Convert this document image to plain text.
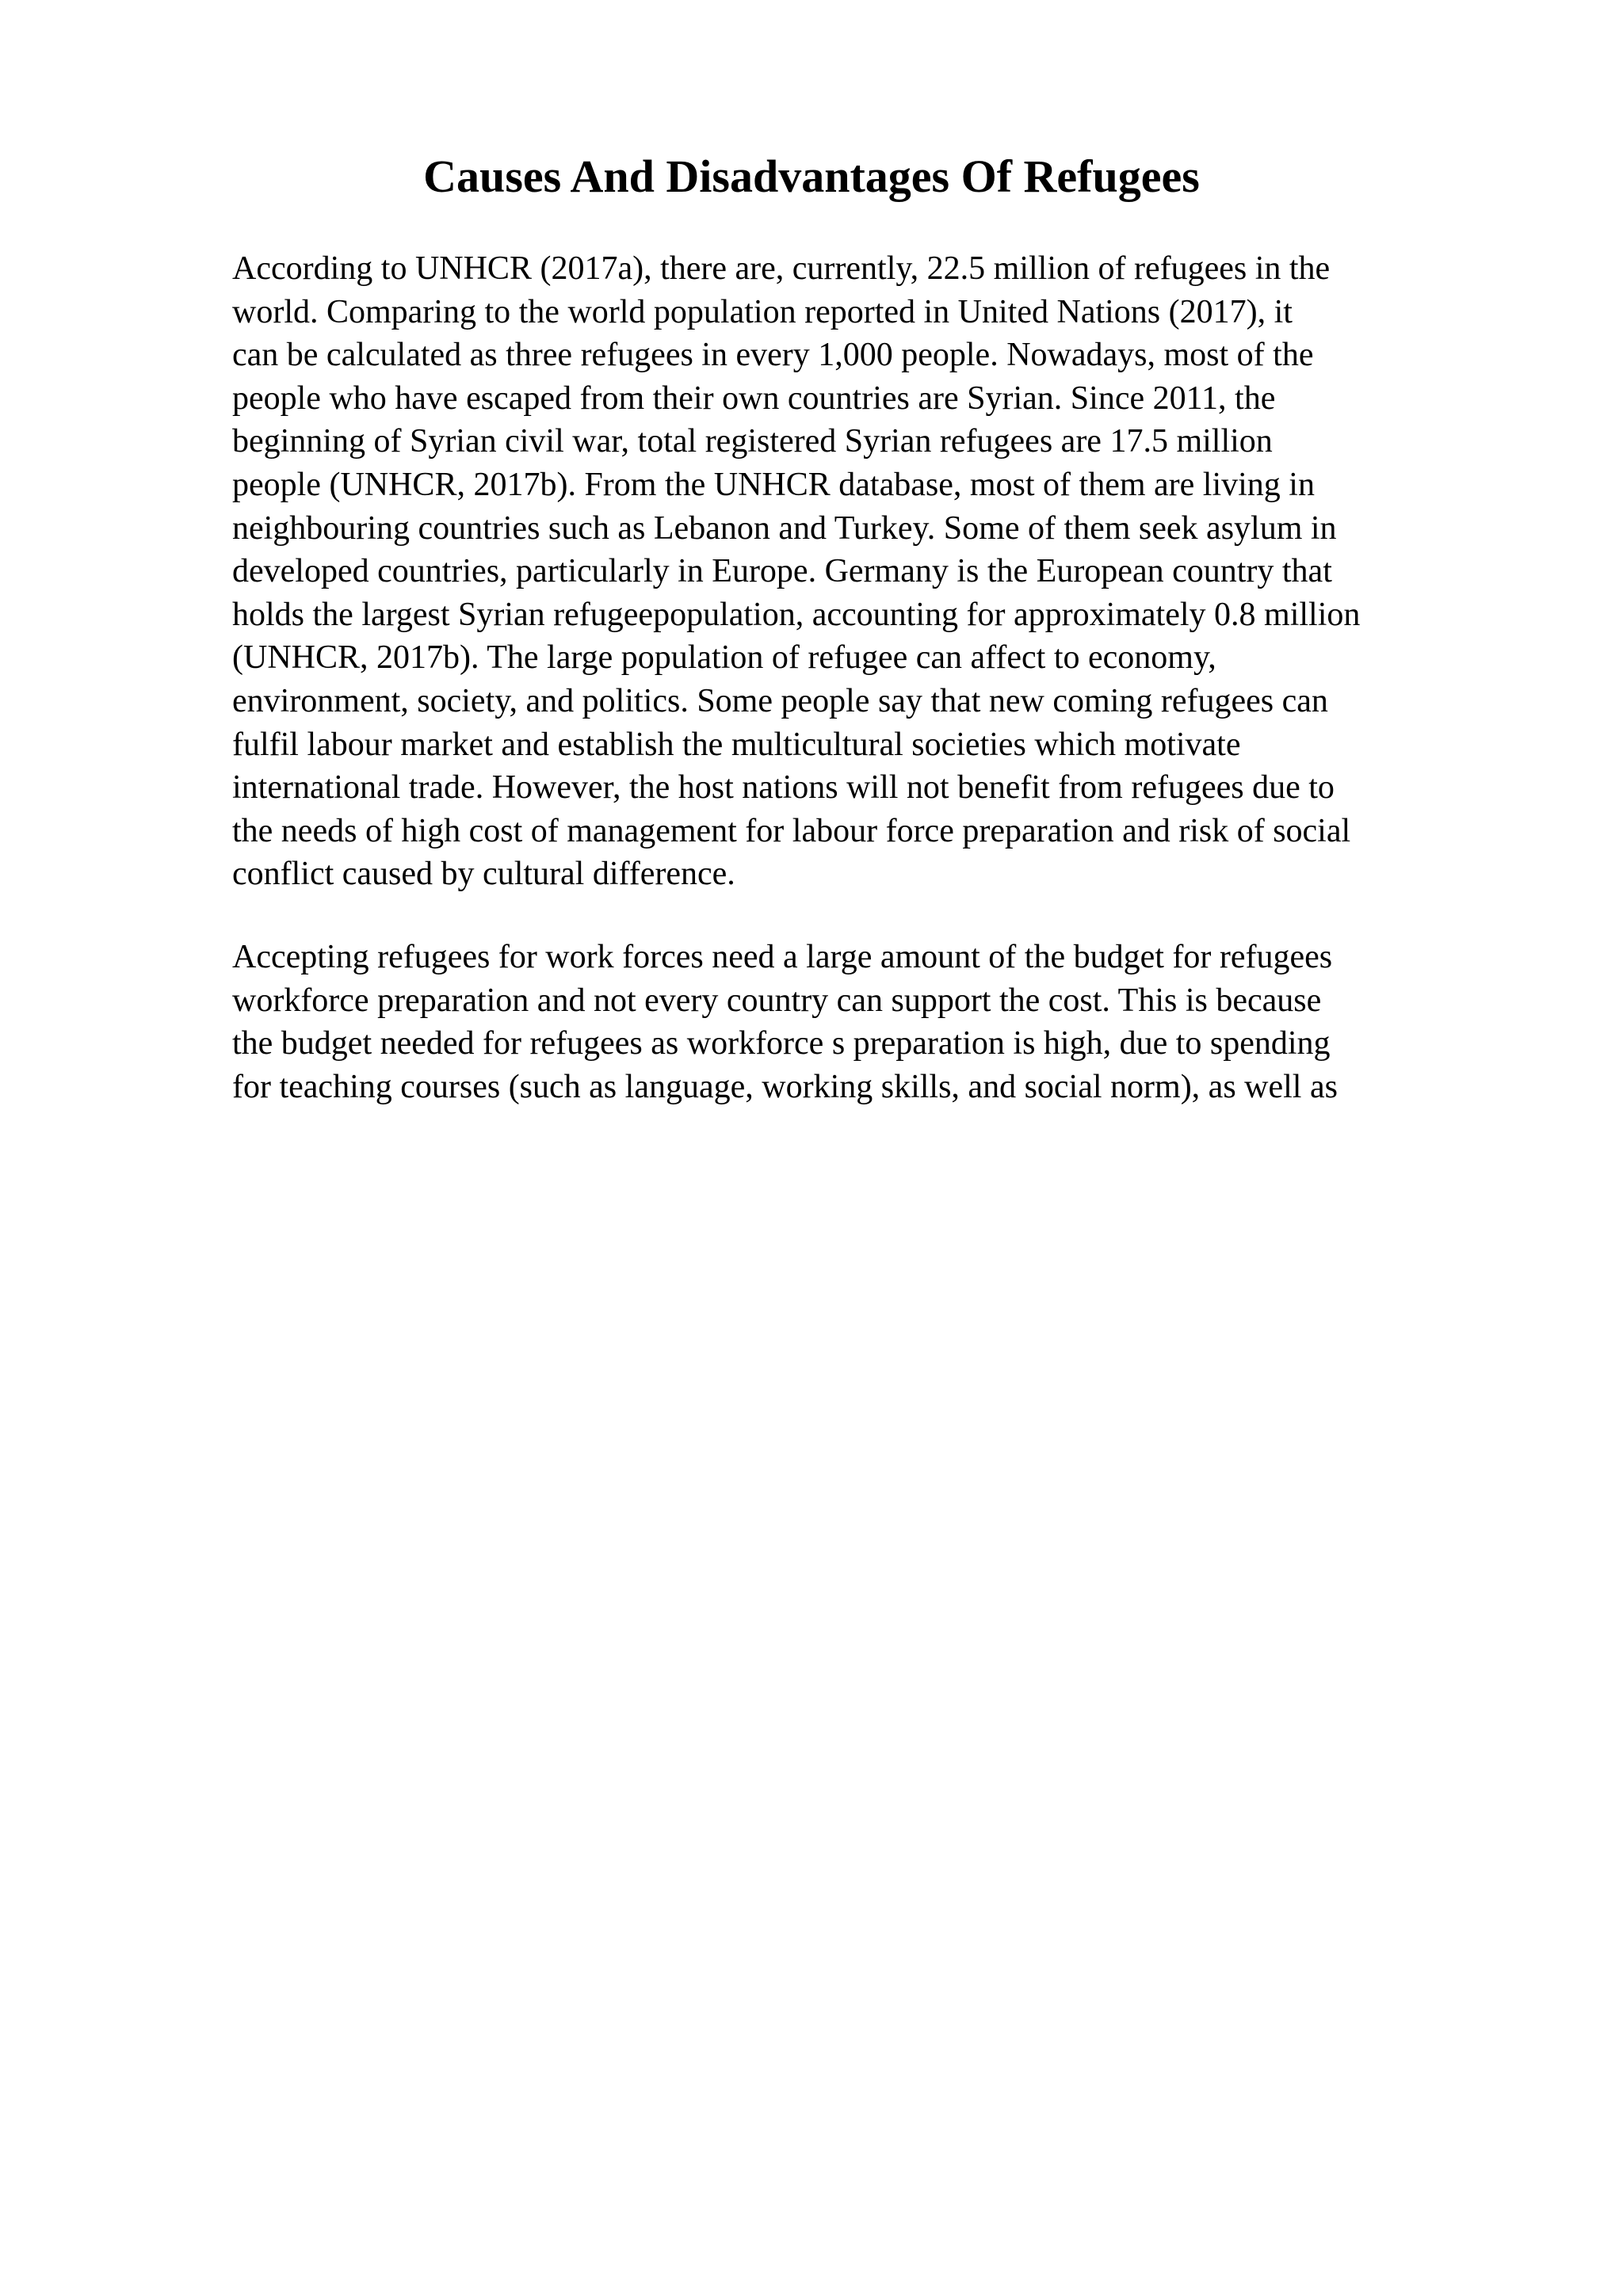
Causes And Disadvantages Of Refugees

According to UNHCR (2017a), there are, currently, 22.5 million of refugees in the
world. Comparing to the world population reported in United Nations (2017), it
can be calculated as three refugees in every 1,000 people. Nowadays, most of the
people who have escaped from their own countries are Syrian. Since 2011, the
beginning of Syrian civil war, total registered Syrian refugees are 17.5 million
people (UNHCR, 2017b). From the UNHCR database, most of them are living in
neighbouring countries such as Lebanon and Turkey. Some of them seek asylum in
developed countries, particularly in Europe. Germany is the European country that
holds the largest Syrian refugeepopulation, accounting for approximately 0.8 million
(UNHCR, 2017b). The large population of refugee can affect to economy,
environment, society, and politics. Some people say that new coming refugees can
fulfil labour market and establish the multicultural societies which motivate
international trade. However, the host nations will not benefit from refugees due to
the needs of high cost of management for labour force preparation and risk of social
conflict caused by cultural difference.

Accepting refugees for work forces need a large amount of the budget for refugees
workforce preparation and not every country can support the cost. This is because
the budget needed for refugees as workforce s preparation is high, due to spending
for teaching courses (such as language, working skills, and social norm), as well as
